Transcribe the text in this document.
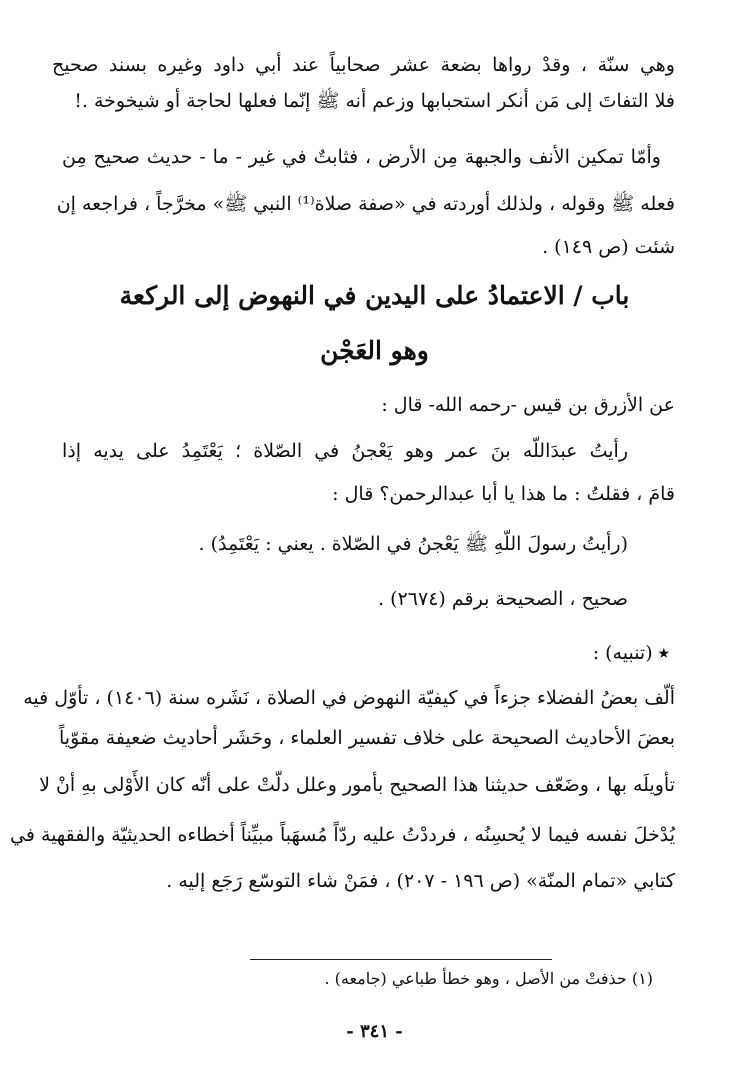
وهي سنّة ، وقدْ رواها بضعة عشر صحابياً عند أبي داود وغيره بسند صحيح
فلا التفاتَ إلى مَن أنكر استحبابها وزعم أنه ﷺ إنّما فعلها لحاجة أو شيخوخة .!
وأمّا تمكين الأنف والجبهة مِن الأرض ، فثابتٌ في غير - ما - حديث صحيح مِن
فعله ﷺ وقوله ، ولذلك أوردته في «صفة صلاة⁽¹⁾ النبي ﷺ» مخرَّجاً ، فراجعه إن
شئت (ص ١٤٩) .
باب / الاعتمادُ على اليدين في النهوض إلى الركعة
وهو العَجْن
عن الأزرق بن قيس -رحمه الله- قال :
رأيتُ عبدَاللّه بنَ عمر وهو يَعْجنُ في الصّلاة ؛ يَعْتَمِدُ على يديه إذا
قامَ ، فقلتُ : ما هذا يا أبا عبدالرحمن؟ قال :
(رأيتُ رسولَ اللّهِ ﷺ يَعْجنُ في الصّلاة . يعني : يَعْتَمِدُ) .
صحيح ، الصحيحة برقم (٢٦٧٤) .
٭(تنبيه) :
ألّف بعضُ الفضلاء جزءاً في كيفيّة النهوض في الصلاة ، نَشَره سنة (١٤٠٦) ، تأوّل فيه
بعضَ الأحاديث الصحيحة على خلاف تفسير العلماء ، وحَشَر أحاديث ضعيفة مقوّياً
تأويلَه بها ، وضَعّف حديثنا هذا الصحيح بأمور وعلل دلّتْ على أنّه كان الأَوْلى بهِ أنْ لا
يُدْخلَ نفسه فيما لا يُحسِنُه ، فرددْتُ عليه ردّاً مُسهَباً مبيِّناً أخطاءه الحديثيّة والفقهية في
كتابي «تمام المنّة» (ص ١٩٦ - ٢٠٧) ، فمَنْ شاء التوسّع رَجَع إليه .
(١) حذفتْ من الأصل ، وهو خطأ طباعي (جامعه) .
- ٣٤١ -
